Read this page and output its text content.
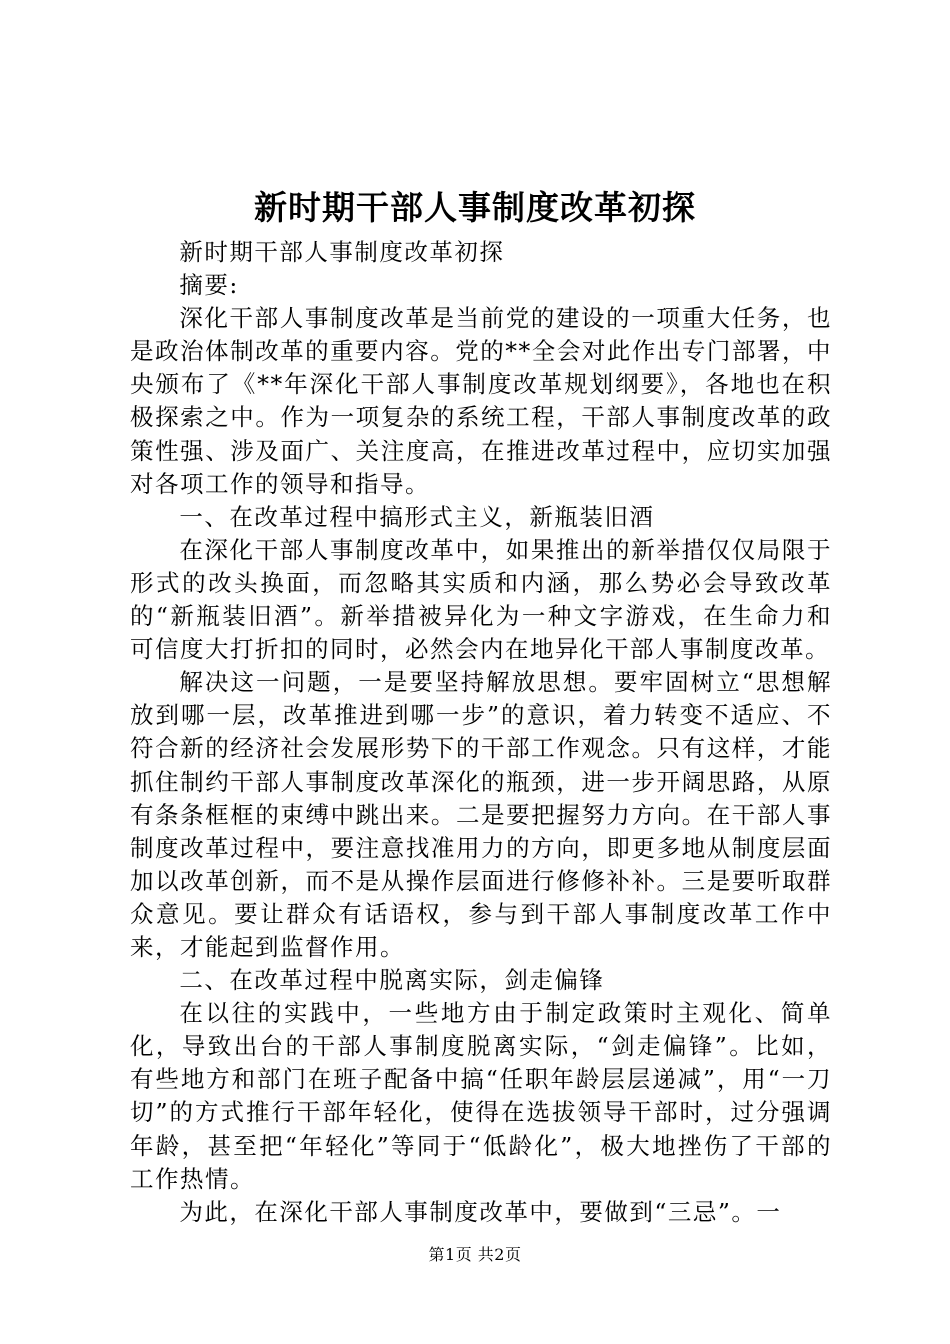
新时期干部人事制度改革初探

新时期干部人事制度改革初探

摘要:

深化干部人事制度改革是当前党的建设的一项重大任务，也是政治体制改革的重要内容。党的**全会对此作出专门部署，中央颁布了《**年深化干部人事制度改革规划纲要》，各地也在积极探索之中。作为一项复杂的系统工程，干部人事制度改革的政策性强、涉及面广、关注度高，在推进改革过程中，应切实加强对各项工作的领导和指导。

一、在改革过程中搞形式主义，新瓶装旧酒

在深化干部人事制度改革中，如果推出的新举措仅仅局限于形式的改头换面，而忽略其实质和内涵，那么势必会导致改革的“新瓶装旧酒”。新举措被异化为一种文字游戏，在生命力和可信度大打折扣的同时，必然会内在地异化干部人事制度改革。

解决这一问题，一是要坚持解放思想。要牢固树立“思想解放到哪一层，改革推进到哪一步”的意识，着力转变不适应、不符合新的经济社会发展形势下的干部工作观念。只有这样，才能抓住制约干部人事制度改革深化的瓶颈，进一步开阔思路，从原有条条框框的束缚中跳出来。二是要把握努力方向。在干部人事制度改革过程中，要注意找准用力的方向，即更多地从制度层面加以改革创新，而不是从操作层面进行修修补补。三是要听取群众意见。要让群众有话语权，参与到干部人事制度改革工作中来，才能起到监督作用。

二、在改革过程中脱离实际，剑走偏锋

在以往的实践中，一些地方由于制定政策时主观化、简单化，导致出台的干部人事制度脱离实际，“剑走偏锋”。比如，有些地方和部门在班子配备中搞“任职年龄层层递减”，用“一刀切”的方式推行干部年轻化，使得在选拔领导干部时，过分强调年龄，甚至把“年轻化”等同于“低龄化”，极大地挫伤了干部的工作热情。

为此，在深化干部人事制度改革中，要做到“三忌”。一

第1页 共2页
